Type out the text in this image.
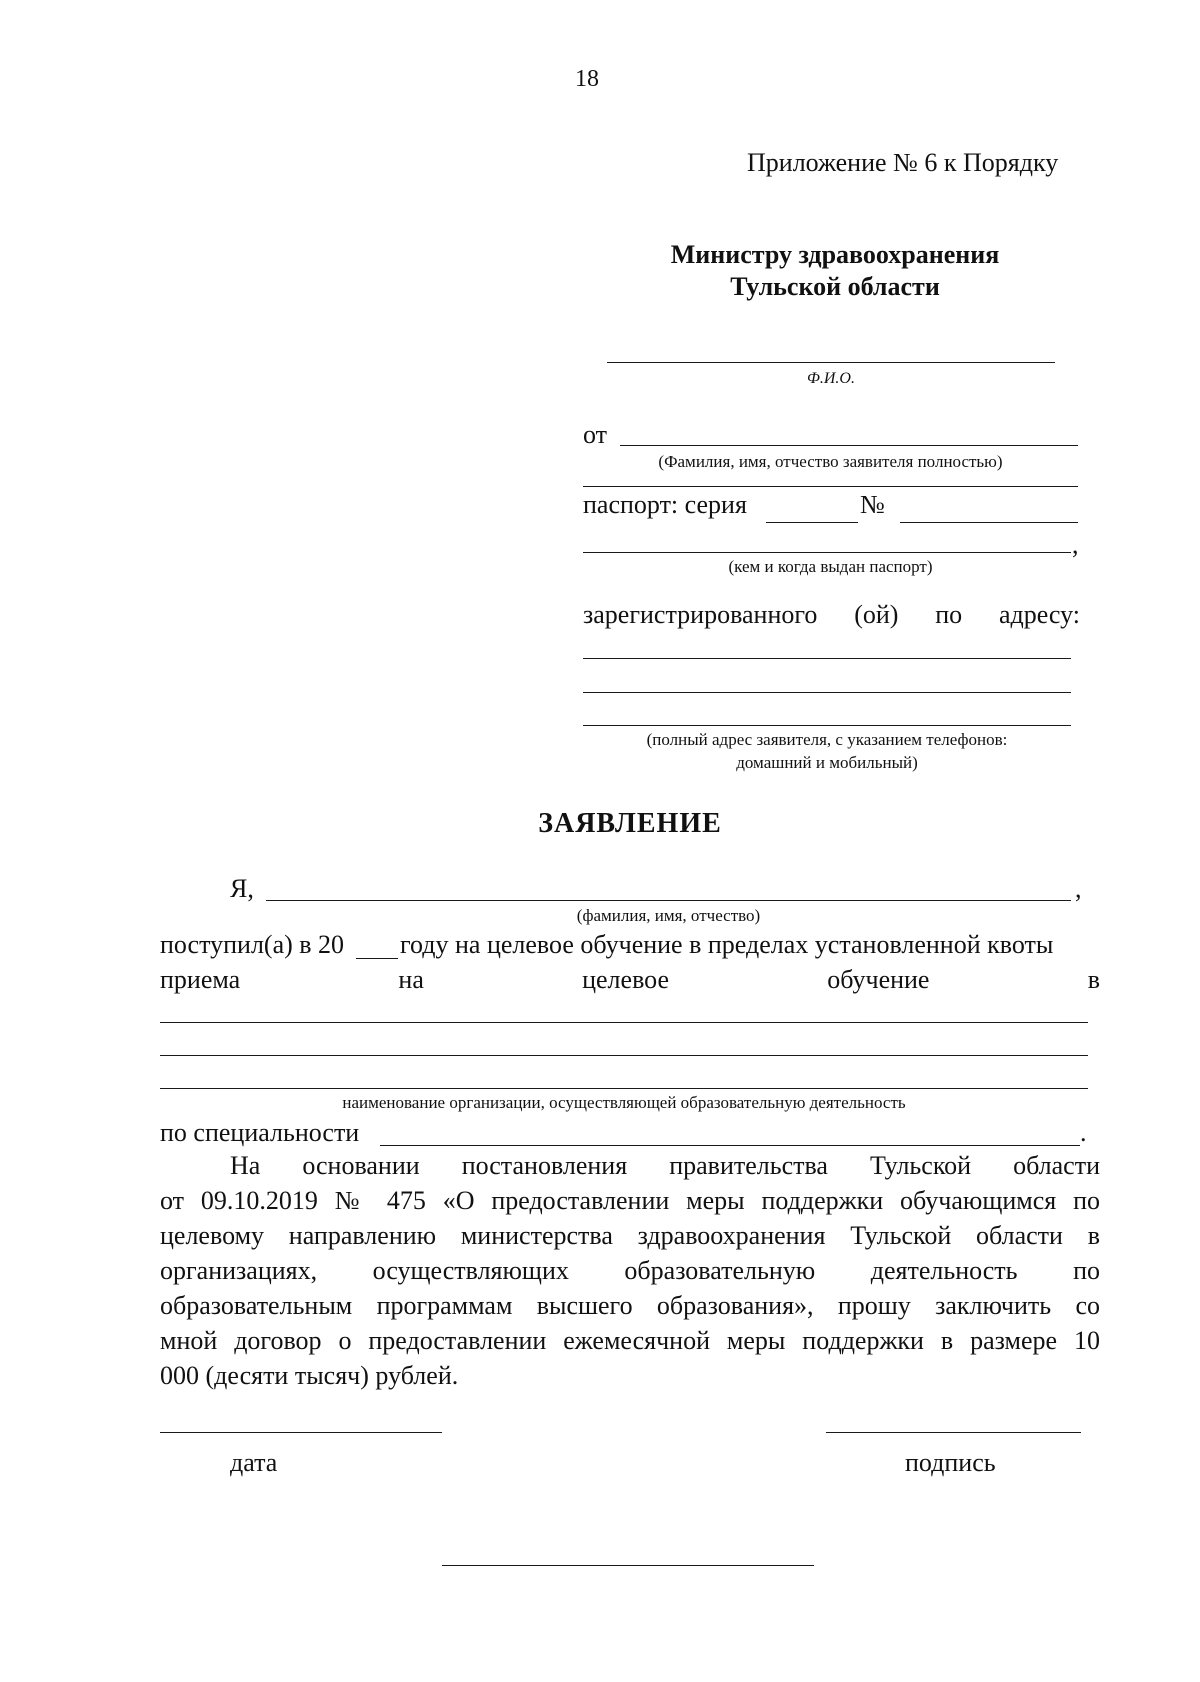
18
Приложение № 6 к Порядку
Министру здравоохранения
Тульской области
Ф.И.О.
от
(Фамилия, имя, отчество заявителя полностью)
паспорт: серия	№
,
(кем и когда выдан паспорт)
зарегистрированного (ой) по адресу:
(полный адрес заявителя, с указанием телефонов:
домашний и мобильный)
ЗАЯВЛЕНИЕ
Я,	,
(фамилия, имя, отчество)
поступил(а) в 20 году на целевое обучение в пределах установленной квоты
приема	на	целевое	обучение	в
наименование организации, осуществляющей образовательную деятельность
по специальности	.
На основании постановления правительства Тульской области
от 09.10.2019 № 475 «О предоставлении меры поддержки обучающимся по
целевому направлению министерства здравоохранения Тульской области в
организациях, осуществляющих образовательную деятельность по
образовательным программам высшего образования», прошу заключить со
мной договор о предоставлении ежемесячной меры поддержки в размере 10
000 (десяти тысяч) рублей.
дата	подпись
